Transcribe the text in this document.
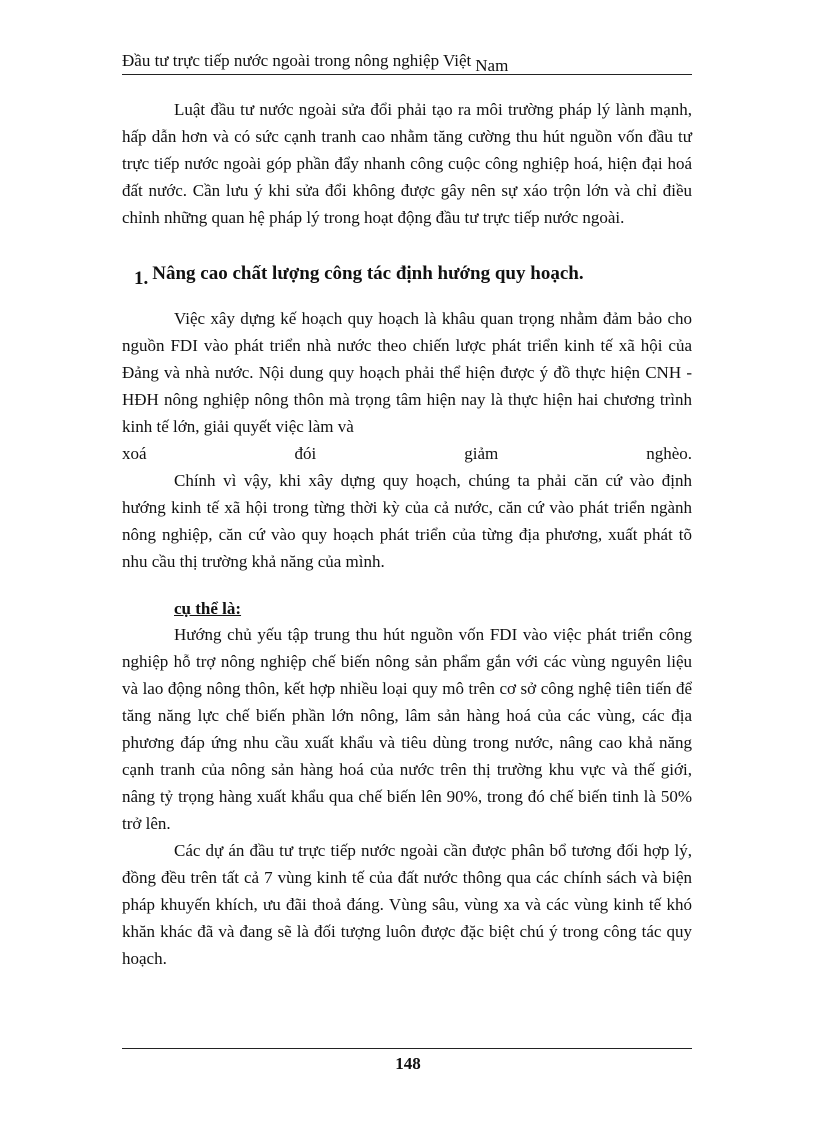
Đầu tư trực tiếp nước ngoài trong nông nghiệp Việt Nam

Luật đầu tư nước ngoài sửa đổi phải tạo ra môi trường pháp lý lành mạnh, hấp dẫn hơn và có sức cạnh tranh cao nhằm tăng cường thu hút nguồn vốn đầu tư trực tiếp nước ngoài góp phần đẩy nhanh công cuộc công nghiệp hoá, hiện đại hoá đất nước. Cần lưu ý khi sửa đổi không được gây nên sự xáo trộn lớn và chỉ điều chỉnh những quan hệ pháp lý trong hoạt động đầu tư trực tiếp nước ngoài.

1. Nâng cao chất lượng công tác định hướng quy hoạch.

Việc xây dựng kế hoạch quy hoạch là khâu quan trọng nhằm đảm bảo cho nguồn FDI vào phát triển nhà nước theo chiến lược phát triển kinh tế xã hội của Đảng và nhà nước. Nội dung quy hoạch phải thể hiện được ý đồ thực hiện CNH - HĐH nông nghiệp nông thôn mà trọng tâm hiện nay là thực hiện hai chương trình kinh tế lớn, giải quyết việc làm và

xoá đói giảm nghèo.

Chính vì vậy, khi xây dựng quy hoạch, chúng ta phải căn cứ vào định hướng kinh tế xã hội trong từng thời kỳ của cả nước, căn cứ vào phát triển ngành nông nghiệp, căn cứ vào quy hoạch phát triển của từng địa phương, xuất phát tõ nhu cầu thị trường khả năng của mình.

cụ thể là:

Hướng chủ yếu tập trung thu hút nguồn vốn FDI vào việc phát triển công nghiệp hỗ trợ nông nghiệp chế biến nông sản phẩm gắn với các vùng nguyên liệu và lao động nông thôn, kết hợp nhiều loại quy mô trên cơ sở công nghệ tiên tiến để tăng năng lực chế biến phần lớn nông, lâm sản hàng hoá của các vùng, các địa phương đáp ứng nhu cầu xuất khẩu và tiêu dùng trong nước, nâng cao khả năng cạnh tranh của nông sản hàng hoá của nước trên thị trường khu vực và thế giới, nâng tỷ trọng hàng xuất khẩu qua chế biến lên 90%, trong đó chế biến tinh là 50% trở lên.

Các dự án đầu tư trực tiếp nước ngoài cần được phân bổ tương đối hợp lý, đồng đều trên tất cả 7 vùng kinh tế của đất nước thông qua các chính sách và biện pháp khuyến khích, ưu đãi thoả đáng. Vùng sâu, vùng xa và các vùng kinh tế khó khăn khác đã và đang sẽ là đối tượng luôn được đặc biệt chú ý trong công tác quy hoạch.

148
